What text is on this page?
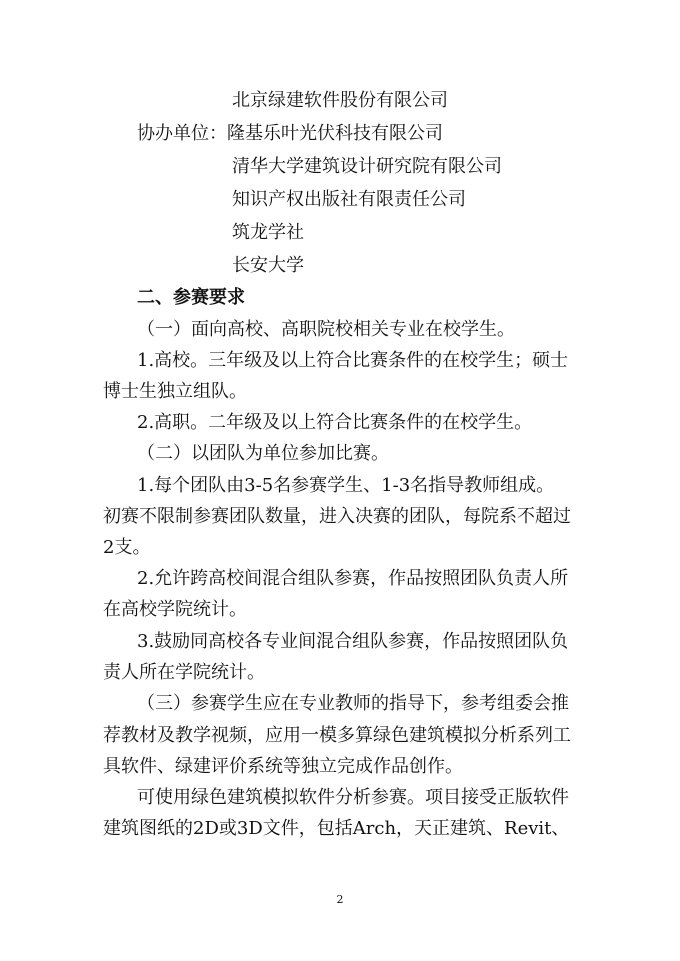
北京绿建软件股份有限公司
协办单位：隆基乐叶光伏科技有限公司
清华大学建筑设计研究院有限公司
知识产权出版社有限责任公司
筑龙学社
长安大学
二、参赛要求
（一）面向高校、高职院校相关专业在校学生。
1.高校。三年级及以上符合比赛条件的在校学生；硕士
博士生独立组队。
2.高职。二年级及以上符合比赛条件的在校学生。
（二）以团队为单位参加比赛。
1.每个团队由3-5名参赛学生、1-3名指导教师组成。
初赛不限制参赛团队数量，进入决赛的团队，每院系不超过
2支。
2.允许跨高校间混合组队参赛，作品按照团队负责人所
在高校学院统计。
3.鼓励同高校各专业间混合组队参赛，作品按照团队负
责人所在学院统计。
（三）参赛学生应在专业教师的指导下，参考组委会推
荐教材及教学视频，应用一模多算绿色建筑模拟分析系列工
具软件、绿建评价系统等独立完成作品创作。
可使用绿色建筑模拟软件分析参赛。项目接受正版软件
建筑图纸的2D或3D文件，包括Arch，天正建筑、Revit、
2
